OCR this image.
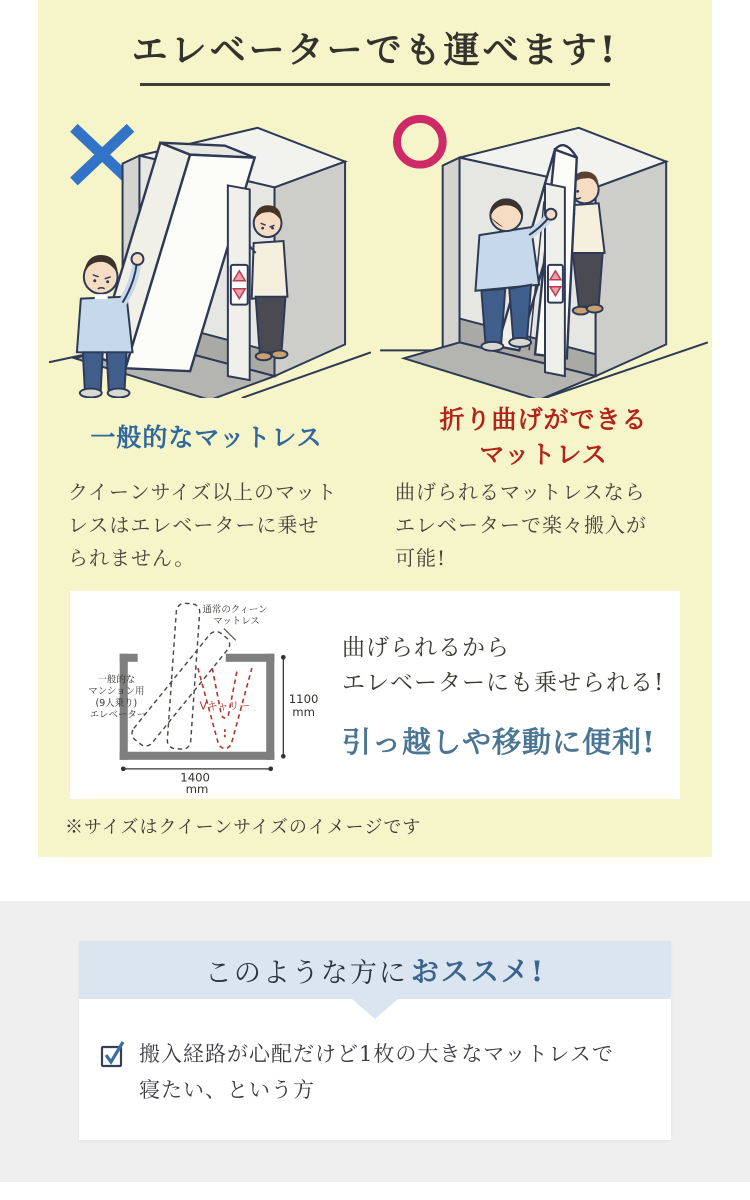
エレベーターでも運べます!
一般的なマットレス
クイーンサイズ以上のマット
レスはエレベーターに乗せ
られません。
折り曲げができる
マットレス
曲げられるマットレスなら
エレベーターで楽々搬入が
可能!
一般的な マンション用 (9人乗り) エレベーター
通常のクィーン マットレス
Vキャリー	1100 mm
1400 mm
曲げられるから
エレベーターにも乗せられる!
引っ越しや移動に便利!
※サイズはクイーンサイズのイメージです
このような方に おススメ!
搬入経路が心配だけど1枚の大きなマットレスで
寝たい、という方
